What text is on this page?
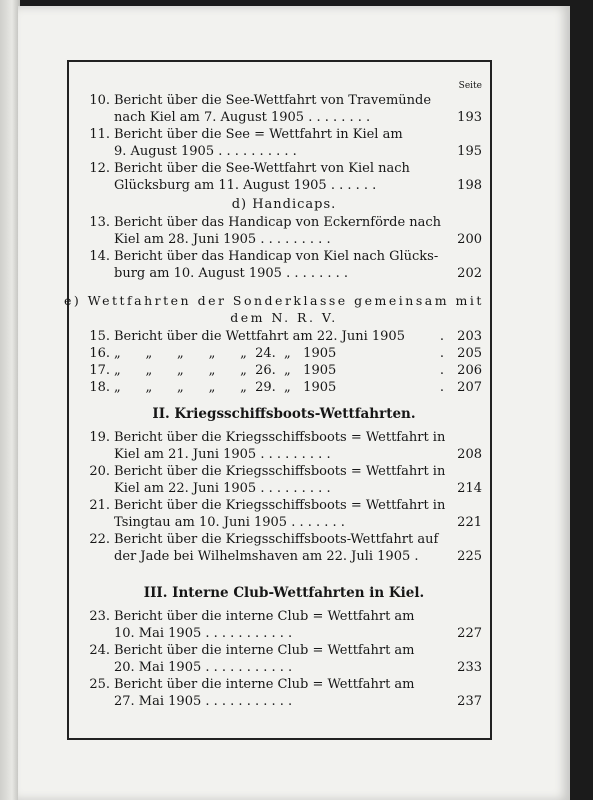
Seite
10. Bericht über die See-Wettfahrt von Travemünde
nach Kiel am 7. August 1905 . . . . . . . .	193
11. Bericht über die See = Wettfahrt in Kiel am
9. August 1905 . . . . . . . . . .	195
12. Bericht über die See-Wettfahrt von Kiel nach
Glücksburg am 11. August 1905 . . . . . .	198
d) Handicaps.
13. Bericht über das Handicap von Eckernförde nach
Kiel am 28. Juni 1905 . . . . . . . . .	200
14. Bericht über das Handicap von Kiel nach Glücks-
burg am 10. August 1905 . . . . . . . .	202
e) Wettfahrten der Sonderklasse gemeinsam mit
dem N. R. V.
15. Bericht über die Wettfahrt am 22. Juni 1905	.	203
16. „      „      „      „      „  24.  „   1905	.	205
17. „      „      „      „      „  26.  „   1905	.	206
18. „      „      „      „      „  29.  „   1905	.	207
II. Kriegsschiffsboots-Wettfahrten.
19. Bericht über die Kriegsschiffsboots = Wettfahrt in
Kiel am 21. Juni 1905 . . . . . . . . .	208
20. Bericht über die Kriegsschiffsboots = Wettfahrt in
Kiel am 22. Juni 1905 . . . . . . . . .	214
21. Bericht über die Kriegsschiffsboots = Wettfahrt in
Tsingtau am 10. Juni 1905 . . . . . . .	221
22. Bericht über die Kriegsschiffsboots-Wettfahrt auf
der Jade bei Wilhelmshaven am 22. Juli 1905 .	225
III. Interne Club-Wettfahrten in Kiel.
23. Bericht über die interne Club = Wettfahrt am
10. Mai 1905 . . . . . . . . . . .	227
24. Bericht über die interne Club = Wettfahrt am
20. Mai 1905 . . . . . . . . . . .	233
25. Bericht über die interne Club = Wettfahrt am
27. Mai 1905 . . . . . . . . . . .	237
